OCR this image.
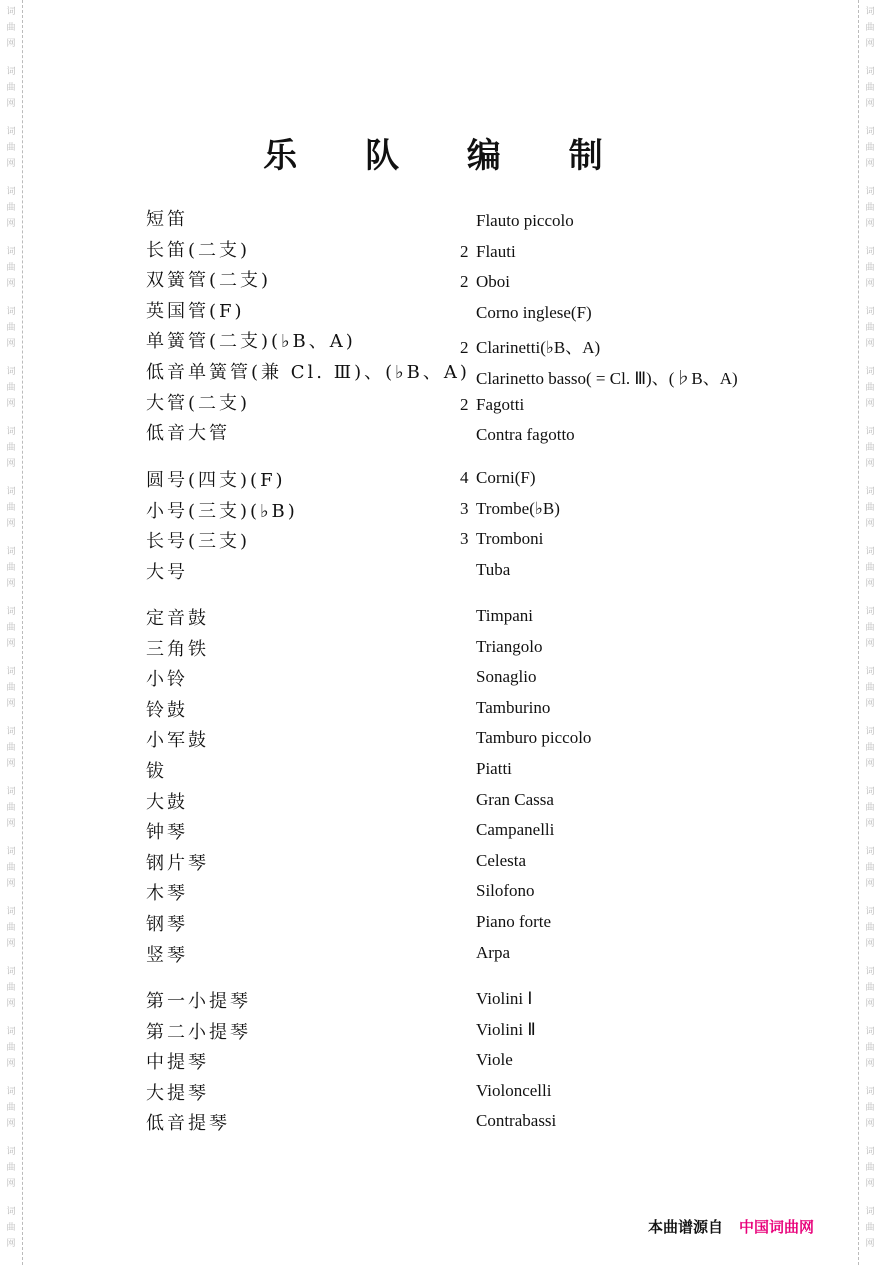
词
曲
网
词
曲
网
词
曲
网
词
曲
网
词
曲
网
词
曲
网
词
曲
网
词
曲
网
词
曲
网
词
曲
网
词
曲
网
词
曲
网
词
曲
网
词
曲
网
词
曲
网
词
曲
网
词
曲
网
词
曲
网
词
曲
网
词
曲
网
词
曲
网
词
曲
网
词
曲
网
词
曲
网
词
曲
网
词
曲
网
词
曲
网
词
曲
网
词
曲
网
词
曲
网
词
曲
网
词
曲
网
词
曲
网
词
曲
网
词
曲
网
词
曲
网
词
曲
网
词
曲
网
词
曲
网
词
曲
网
词
曲
网
词
曲
网
乐 队 编 制
短笛	Flauto piccolo
长笛(二支)	2 Flauti
双簧管(二支)	2 Oboi
英国管(F)	Corno inglese(F)
单簧管(二支)(♭B、A)	2 Clarinetti(♭B、A)
低音单簧管(兼 Cl. Ⅲ)、(♭B、A) Clarinetto basso( = Cl. Ⅲ)、(♭B、A)
大管(二支)	2 Fagotti
低音大管	Contra fagotto
圆号(四支)(F)	4 Corni(F)
小号(三支)(♭B)	3 Trombe(♭B)
长号(三支)	3 Tromboni
大号	Tuba
定音鼓	Timpani
三角铁	Triangolo
小铃	Sonaglio
铃鼓	Tamburino
小军鼓	Tamburo piccolo
钹	Piatti
大鼓	Gran Cassa
钟琴	Campanelli
钢片琴	Celesta
木琴	Silofono
钢琴	Piano forte
竖琴	Arpa
第一小提琴	Violini Ⅰ
第二小提琴	Violini Ⅱ
中提琴	Viole
大提琴	Violoncelli
低音提琴	Contrabassi
本曲谱源自 中国词曲网
